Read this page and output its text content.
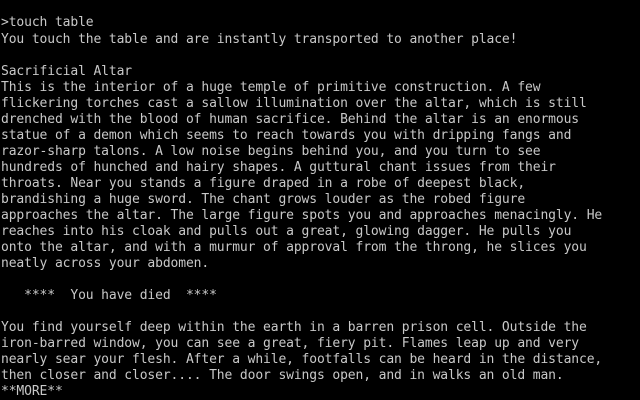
>touch table
You touch the table and are instantly transported to another place!
Sacrificial Altar
This is the interior of a huge temple of primitive construction. A few
flickering torches cast a sallow illumination over the altar, which is still
drenched with the blood of human sacrifice. Behind the altar is an enormous
statue of a demon which seems to reach towards you with dripping fangs and
razor-sharp talons. A low noise begins behind you, and you turn to see
hundreds of hunched and hairy shapes. A guttural chant issues from their
throats. Near you stands a figure draped in a robe of deepest black,
brandishing a huge sword. The chant grows louder as the robed figure
approaches the altar. The large figure spots you and approaches menacingly. He
reaches into his cloak and pulls out a great, glowing dagger. He pulls you
onto the altar, and with a murmur of approval from the throng, he slices you
neatly across your abdomen.
****  You have died  ****
You find yourself deep within the earth in a barren prison cell. Outside the
iron-barred window, you can see a great, fiery pit. Flames leap up and very
nearly sear your flesh. After a while, footfalls can be heard in the distance,
then closer and closer.... The door swings open, and in walks an old man.
**MORE**
